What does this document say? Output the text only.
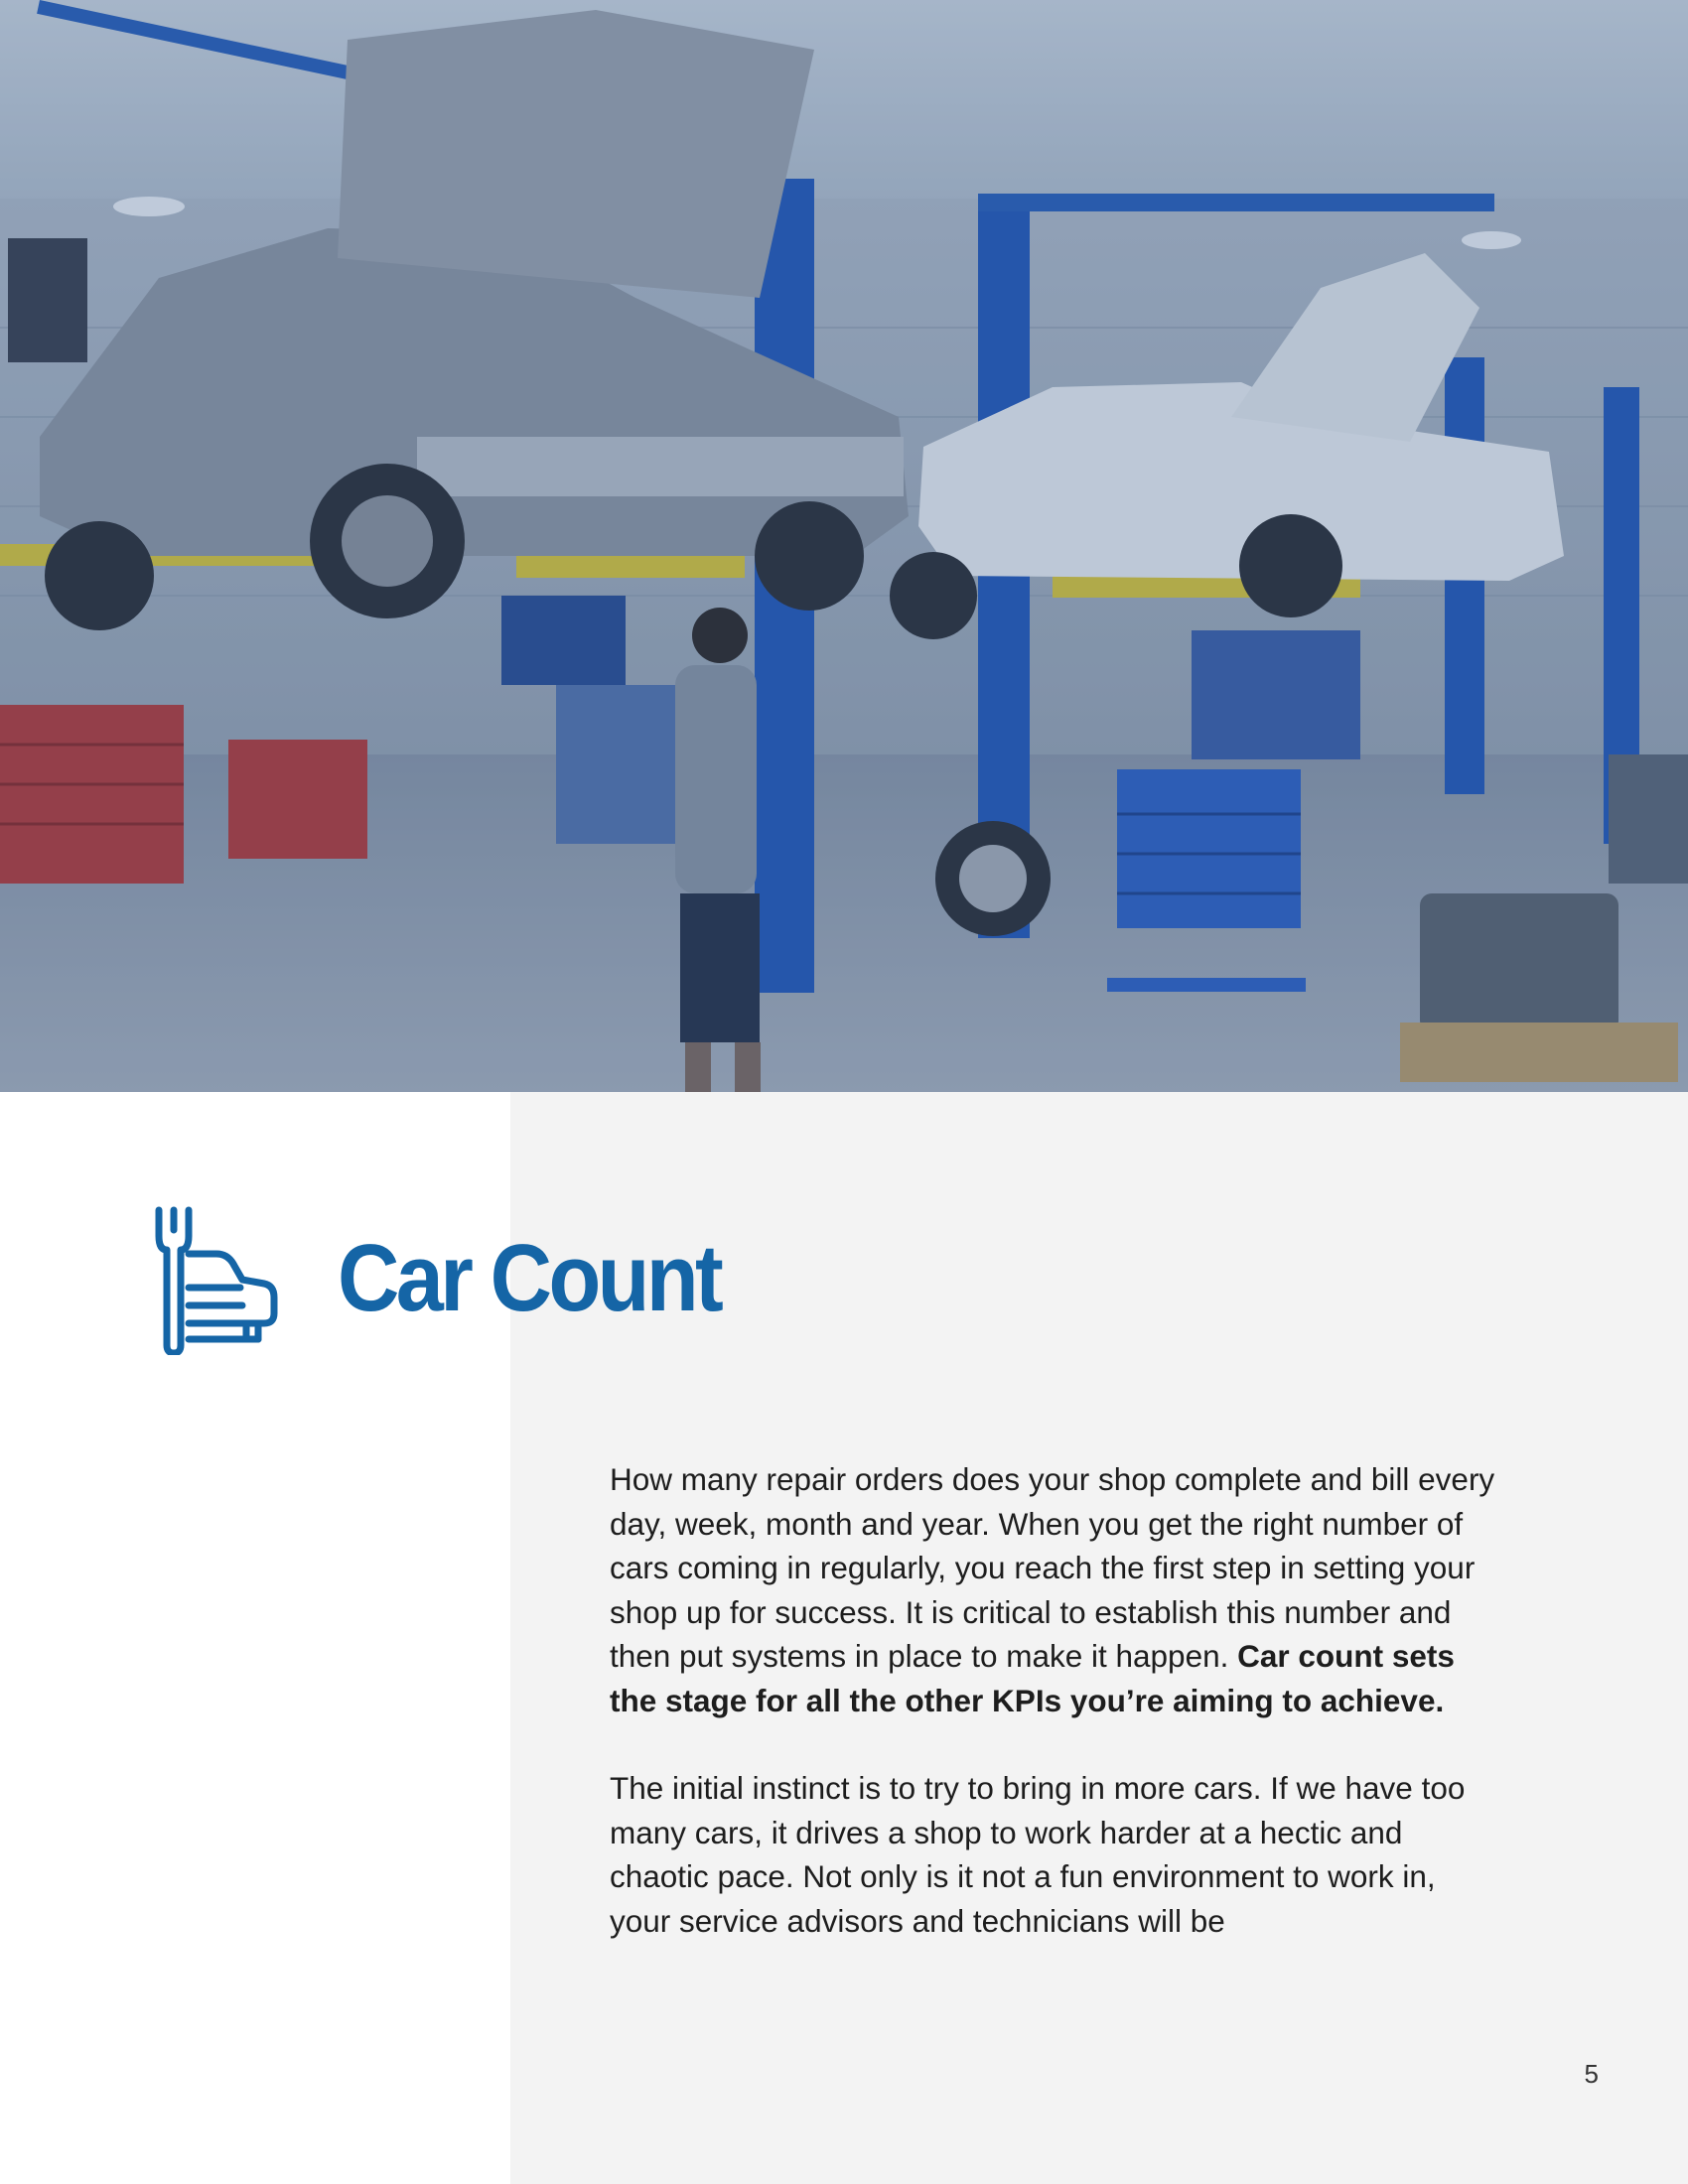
Car Count

How many repair orders does your shop complete and bill every day, week, month and year. When you get the right number of cars coming in regularly, you reach the first step in setting your shop up for success. It is critical to establish this number and then put systems in place to make it happen. Car count sets the stage for all the other KPIs you’re aiming to achieve.

The initial instinct is to try to bring in more cars. If we have too many cars, it drives a shop to work harder at a hectic and chaotic pace. Not only is it not a fun environment to work in, your service advisors and technicians will be

5
